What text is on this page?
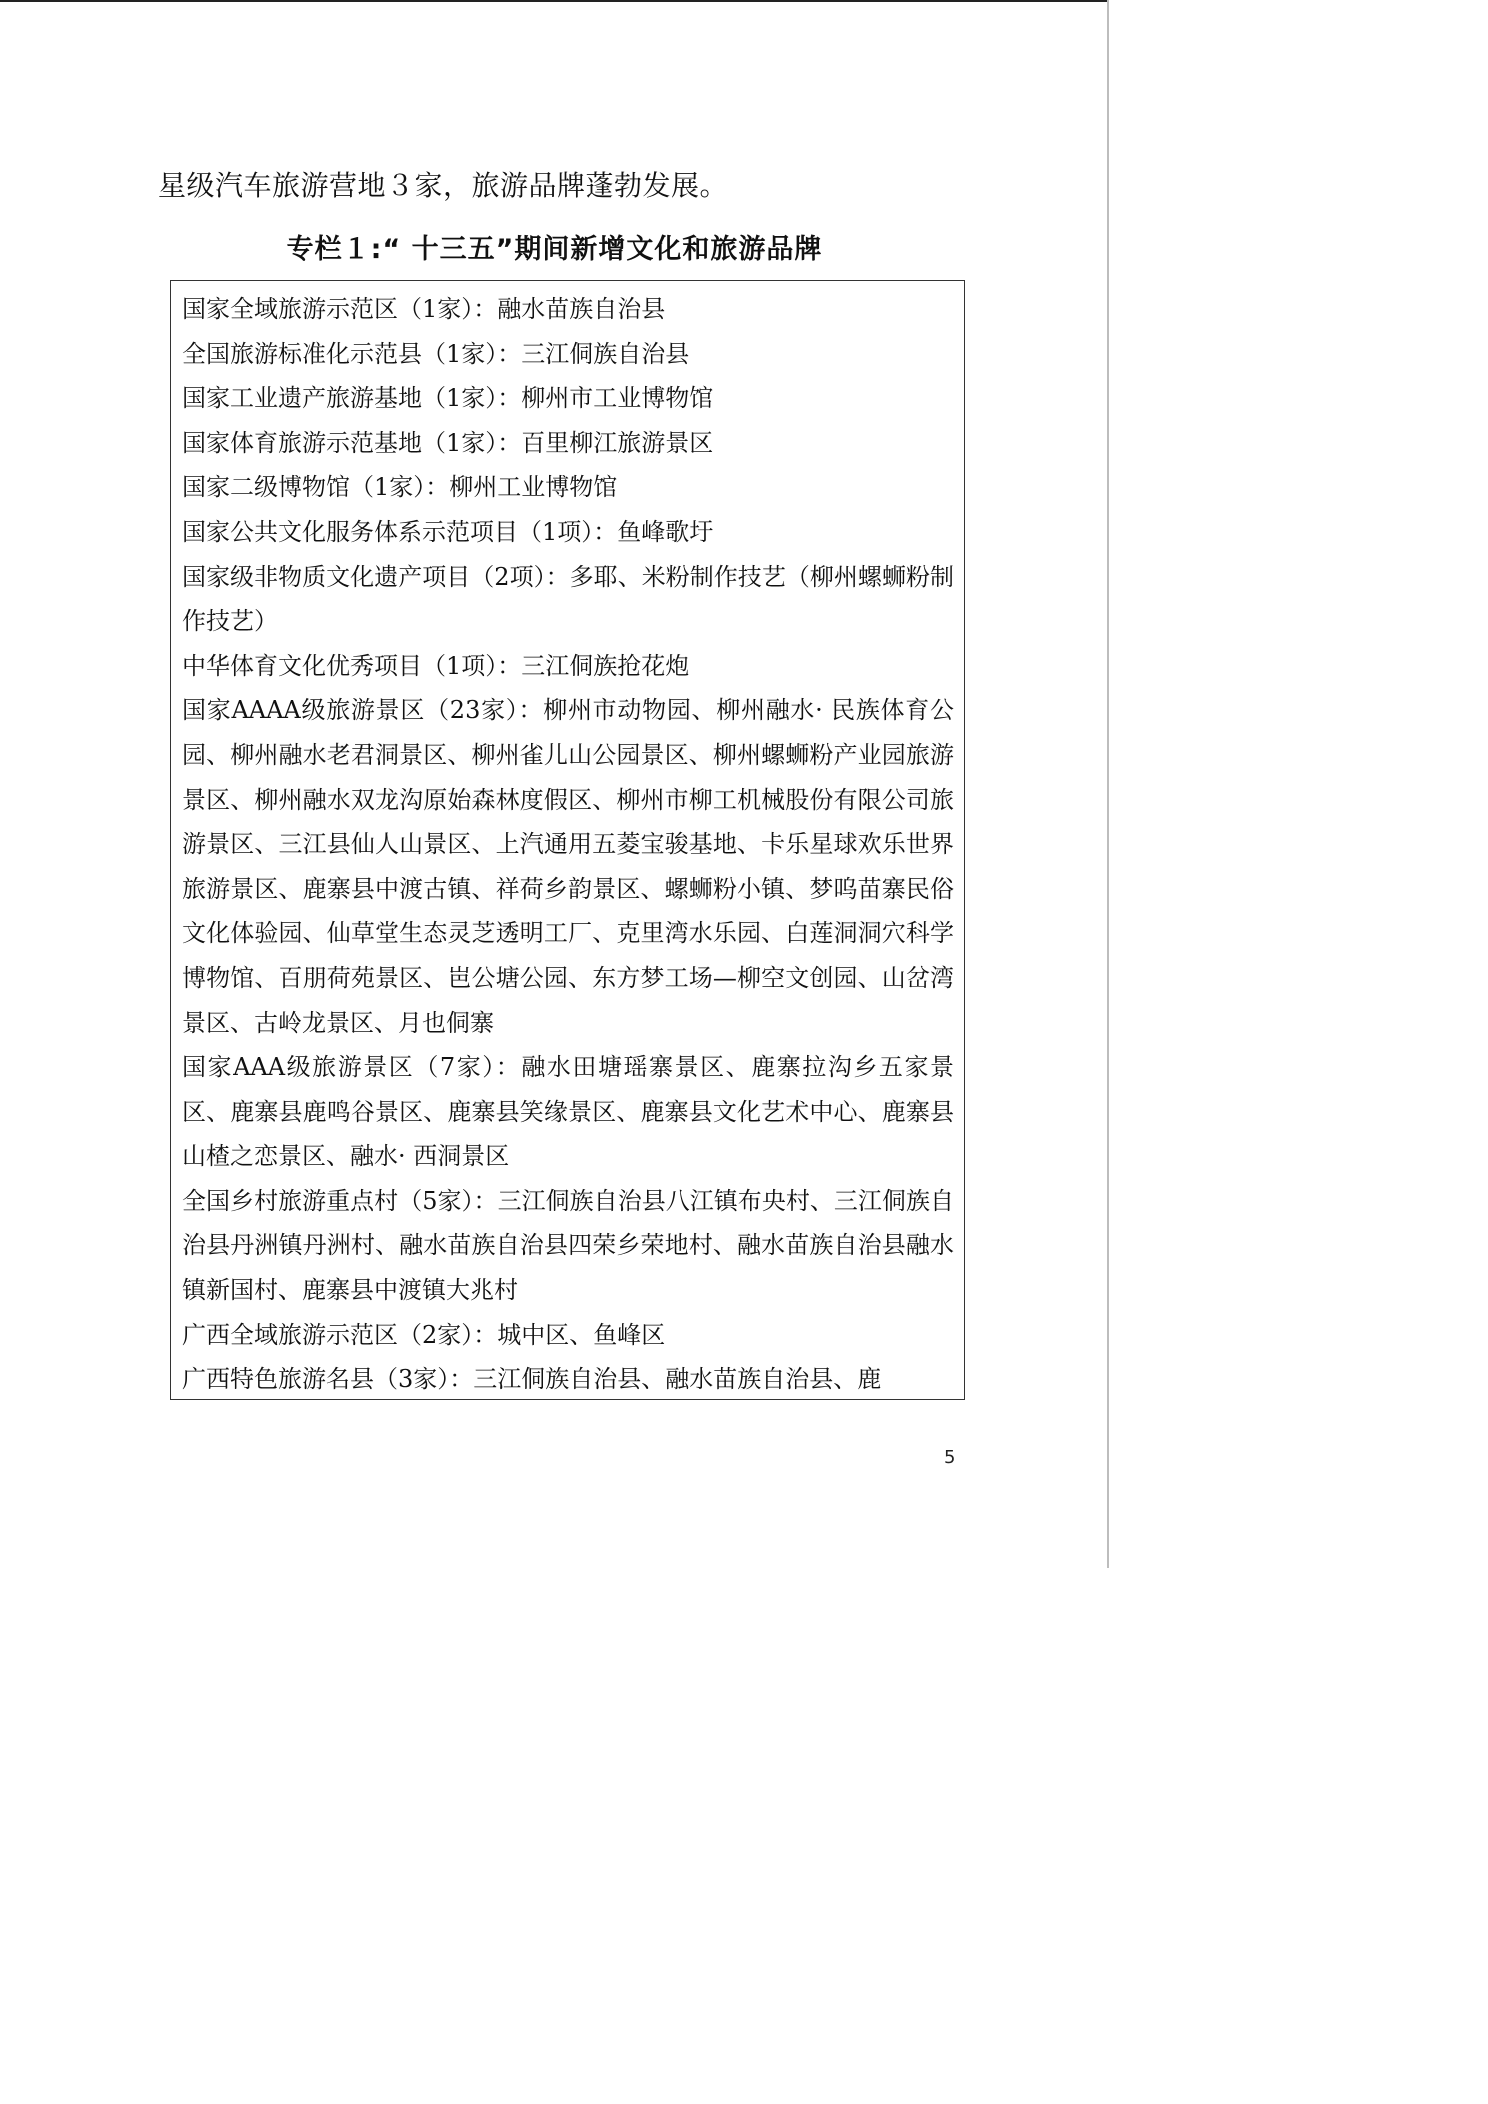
星级汽车旅游营地３家，旅游品牌蓬勃发展。

专栏１:“ 十三五”期间新增文化和旅游品牌
国家全域旅游示范区（1家）：融水苗族自治县
全国旅游标准化示范县（1家）：三江侗族自治县
国家工业遗产旅游基地（1家）：柳州市工业博物馆
国家体育旅游示范基地（1家）：百里柳江旅游景区
国家二级博物馆（1家）：柳州工业博物馆
国家公共文化服务体系示范项目（1项）：鱼峰歌圩
国家级非物质文化遗产项目（2项）：多耶、米粉制作技艺（柳州螺蛳粉制作技艺）
中华体育文化优秀项目（1项）：三江侗族抢花炮
国家AAAA级旅游景区（23家）：柳州市动物园、柳州融水· 民族体育公园、柳州融水老君洞景区、柳州雀儿山公园景区、柳州螺蛳粉产业园旅游景区、柳州融水双龙沟原始森林度假区、柳州市柳工机械股份有限公司旅游景区、三江县仙人山景区、上汽通用五菱宝骏基地、卡乐星球欢乐世界旅游景区、鹿寨县中渡古镇、祥荷乡韵景区、螺蛳粉小镇、梦呜苗寨民俗文化体验园、仙草堂生态灵芝透明工厂、克里湾水乐园、白莲洞洞穴科学博物馆、百朋荷苑景区、岜公塘公园、东方梦工场—柳空文创园、山岔湾景区、古岭龙景区、月也侗寨
国家AAA级旅游景区（7家）：融水田塘瑶寨景区、鹿寨拉沟乡五家景区、鹿寨县鹿鸣谷景区、鹿寨县笑缘景区、鹿寨县文化艺术中心、鹿寨县山楂之恋景区、融水· 西洞景区
全国乡村旅游重点村（5家）：三江侗族自治县八江镇布央村、三江侗族自治县丹洲镇丹洲村、融水苗族自治县四荣乡荣地村、融水苗族自治县融水镇新国村、鹿寨县中渡镇大兆村
广西全域旅游示范区（2家）：城中区、鱼峰区
广西特色旅游名县（3家）：三江侗族自治县、融水苗族自治县、鹿
5
